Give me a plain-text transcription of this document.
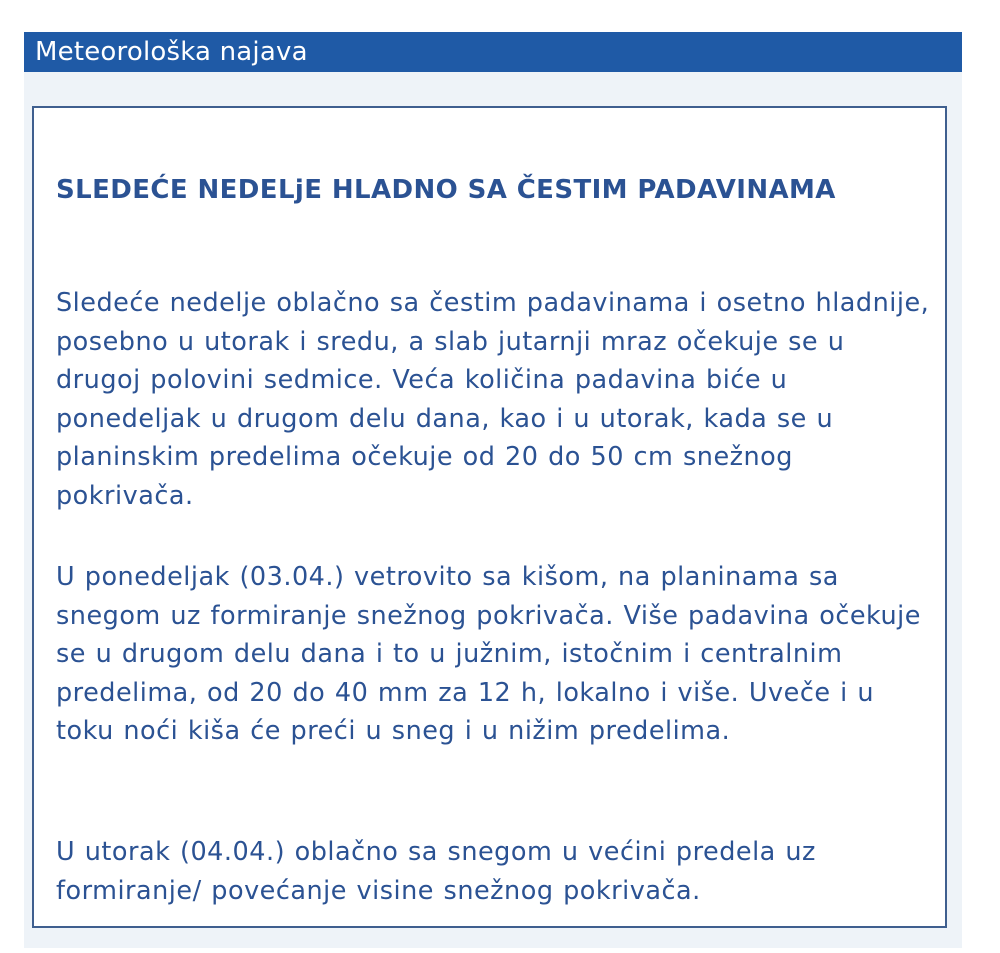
Meteorološka najava
SLEDEĆE NEDELjE HLADNO SA ČESTIM PADAVINAMA

Sledeće nedelje oblačno sa čestim padavinama i osetno hladnije, posebno u utorak i sredu, a slab jutarnji mraz očekuje se u drugoj polovini sedmice. Veća količina padavina biće u ponedeljak u drugom delu dana, kao i u utorak, kada se u planinskim predelima očekuje od 20 do 50 cm snežnog pokrivača.

U ponedeljak (03.04.) vetrovito sa kišom, na planinama sa snegom uz formiranje snežnog pokrivača. Više padavina očekuje se u drugom delu dana i to u južnim, istočnim i centralnim predelima, od 20 do 40 mm za 12 h, lokalno i više. Uveče i u toku noći kiša će preći u sneg i u nižim predelima.

U utorak (04.04.) oblačno sa snegom u većini predela uz formiranje/ povećanje visine snežnog pokrivača.
